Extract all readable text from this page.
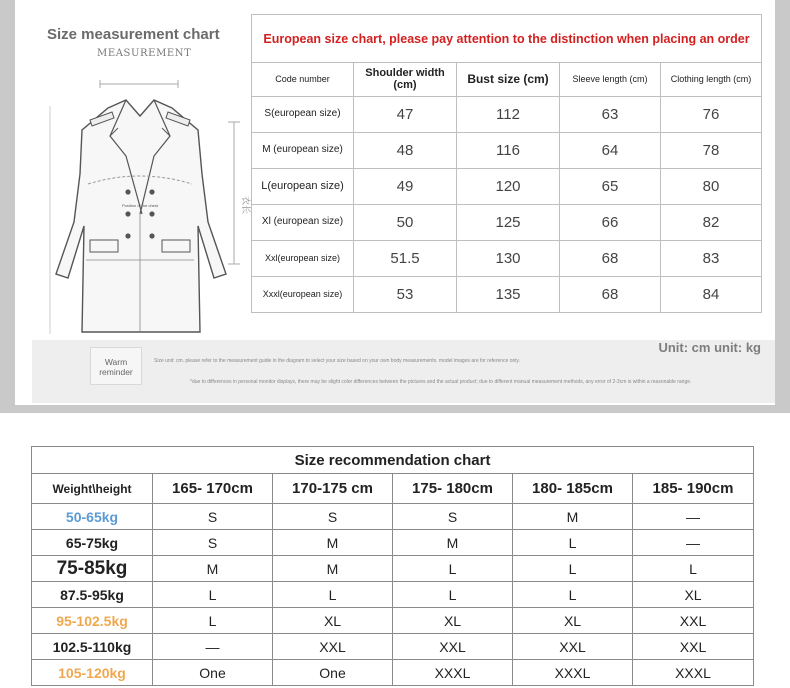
Size measurement chart
MEASUREMENT
Position of the chest	衣长
European size chart, please pay attention to the distinction when placing an order				
Code number	Shoulder width (cm)	Bust size (cm)	Sleeve length (cm)	Clothing length (cm)
S(european size)	47	112	63	76
M (european size)	48	116	64	78
L(european size)	49	120	65	80
Xl (european size)	50	125	66	82
Xxl(european size)	51.5	130	68	83
Xxxl(european size)	53	135	68	84
Warm reminder
Size unit: cm. please refer to the measurement guide in the diagram to select your size based on your own body measurements. model images are for reference only.
*due to differences in personal monitor displays, there may be slight color differences between the pictures and the actual product; due to different manual measurement methods, any error of 2-3cm is within a reasonable range.
Unit: cm unit: kg
Size recommendation chart					
Weight\height	165- 170cm	170-175 cm	175- 180cm	180- 185cm	185- 190cm
50-65kg	S	S	S	M	—
65-75kg	S	M	M	L	—
75-85kg	M	M	L	L	L
87.5-95kg	L	L	L	L	XL
95-102.5kg	L	XL	XL	XL	XXL
102.5-110kg	—	XXL	XXL	XXL	XXL
105-120kg	One	One	XXXL	XXXL	XXXL
